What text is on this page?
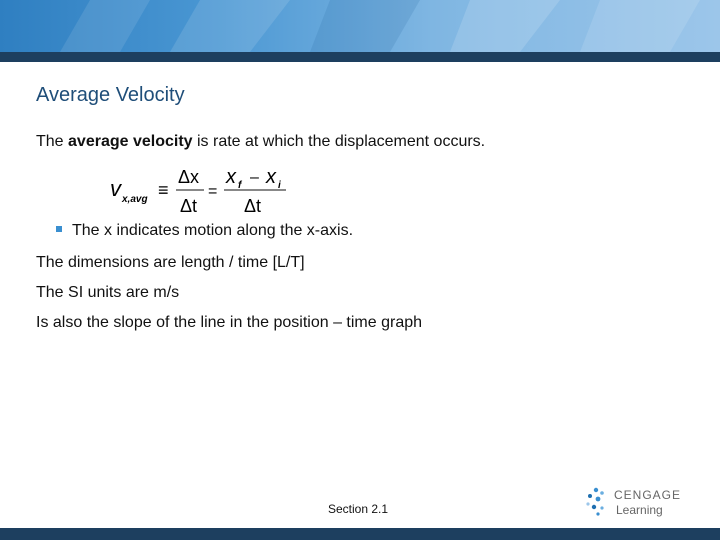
Average Velocity
The average velocity is rate at which the displacement occurs.
v x,avg ≡
Δx
Δt
=
x f – x i
Δt
The x indicates motion along the x-axis.
The dimensions are length / time [L/T]
The SI units are m/s
Is also the slope of the line in the position – time graph
Section 2.1
CENGAGE
Learning
